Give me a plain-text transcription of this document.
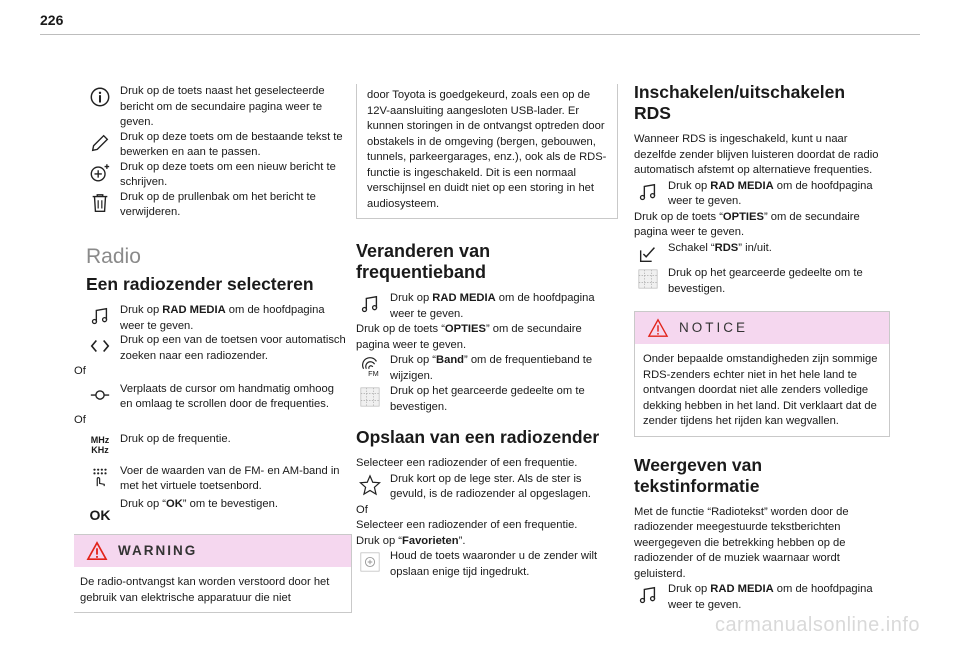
226

Druk op de toets naast het geselecteerde bericht om de secundaire pagina weer te geven.

Druk op deze toets om de bestaande tekst te bewerken en aan te passen.

Druk op deze toets om een nieuw bericht te schrijven.

Druk op de prullenbak om het bericht te verwijderen.

Radio
Een radiozender selecteren

Druk op RAD MEDIA om de hoofdpagina weer te geven.

Druk op een van de toetsen voor automatisch zoeken naar een radiozender.

Of

Verplaats de cursor om handmatig omhoog en omlaag te scrollen door de frequenties.

Of

MHz
KHz

Druk op de frequentie.

Voer de waarden van de FM- en AM-band in met het virtuele toetsenbord.

OK

Druk op “OK” om te bevestigen.

WARNING

De radio-ontvangst kan worden verstoord door het gebruik van elektrische apparatuur die niet

door Toyota is goedgekeurd, zoals een op de 12V-aansluiting aangesloten USB-lader. Er kunnen storingen in de ontvangst optreden door obstakels in de omgeving (bergen, gebouwen, tunnels, parkeergarages, enz.), ook als de RDS-functie is ingeschakeld. Dit is een normaal verschijnsel en duidt niet op een storing in het audiosysteem.

Veranderen van frequentieband

Druk op RAD MEDIA om de hoofdpagina weer te geven.

Druk op de toets “OPTIES” om de secundaire pagina weer te geven.

FM

Druk op “Band” om de frequentieband te wijzigen.

Druk op het gearceerde gedeelte om te bevestigen.

Opslaan van een radiozender

Selecteer een radiozender of een frequentie.

Druk kort op de lege ster. Als de ster is gevuld, is de radiozender al opgeslagen.

Of

Selecteer een radiozender of een frequentie.

Druk op “Favorieten”.

Houd de toets waaronder u de zender wilt opslaan enige tijd ingedrukt.

Inschakelen/uitschakelen RDS

Wanneer RDS is ingeschakeld, kunt u naar dezelfde zender blijven luisteren doordat de radio automatisch afstemt op alternatieve frequenties.

Druk op RAD MEDIA om de hoofdpagina weer te geven.

Druk op de toets “OPTIES” om de secundaire pagina weer te geven.

Schakel “RDS” in/uit.

Druk op het gearceerde gedeelte om te bevestigen.

NOTICE

Onder bepaalde omstandigheden zijn sommige RDS-zenders echter niet in het hele land te ontvangen doordat niet alle zenders volledige dekking hebben in het land. Dit verklaart dat de zender tijdens het rijden kan wegvallen.

Weergeven van tekstinformatie

Met de functie “Radiotekst” worden door de radiozender meegestuurde tekstberichten weergegeven die betrekking hebben op de radiozender of de muziek waarnaar wordt geluisterd.

Druk op RAD MEDIA om de hoofdpagina weer te geven.

carmanualsonline.info
